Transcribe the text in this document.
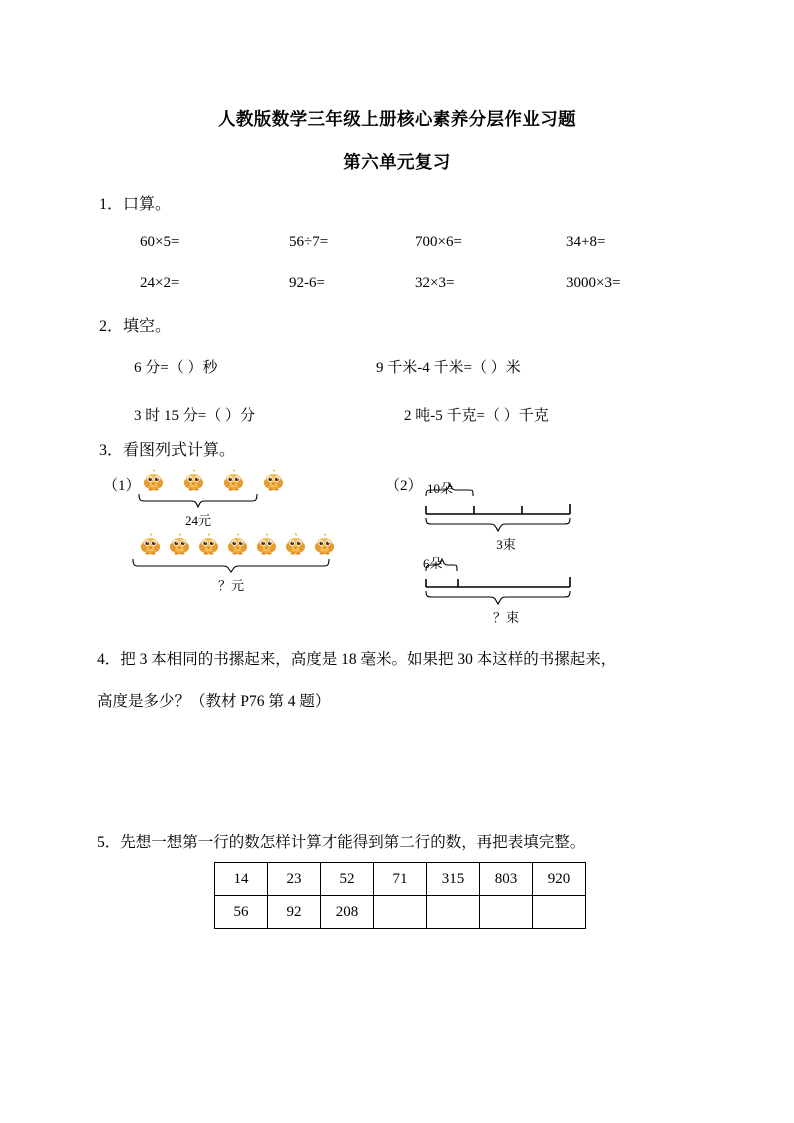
人教版数学三年级上册核心素养分层作业习题
第六单元复习
1．口算。
60×5=	56÷7=	700×6=	34+8=
24×2=	92-6=	32×3=	3000×3=
2．填空。
6 分=（ ）秒	9 千米-4 千米=（ ）米
3 时 15 分=（ ）分	2 吨-5 千克=（ ）千克
3．看图列式计算。
（1）
24元
？元
（2） 10朵
3束
6朵
？束
4．把 3 本相同的书摞起来，高度是 18 毫米。如果把 30 本这样的书摞起来，
高度是多少？（教材 P76 第 4 题）
5．先想一想第一行的数怎样计算才能得到第二行的数，再把表填完整。
14	23	52	71	315	803	920
56	92	208				
